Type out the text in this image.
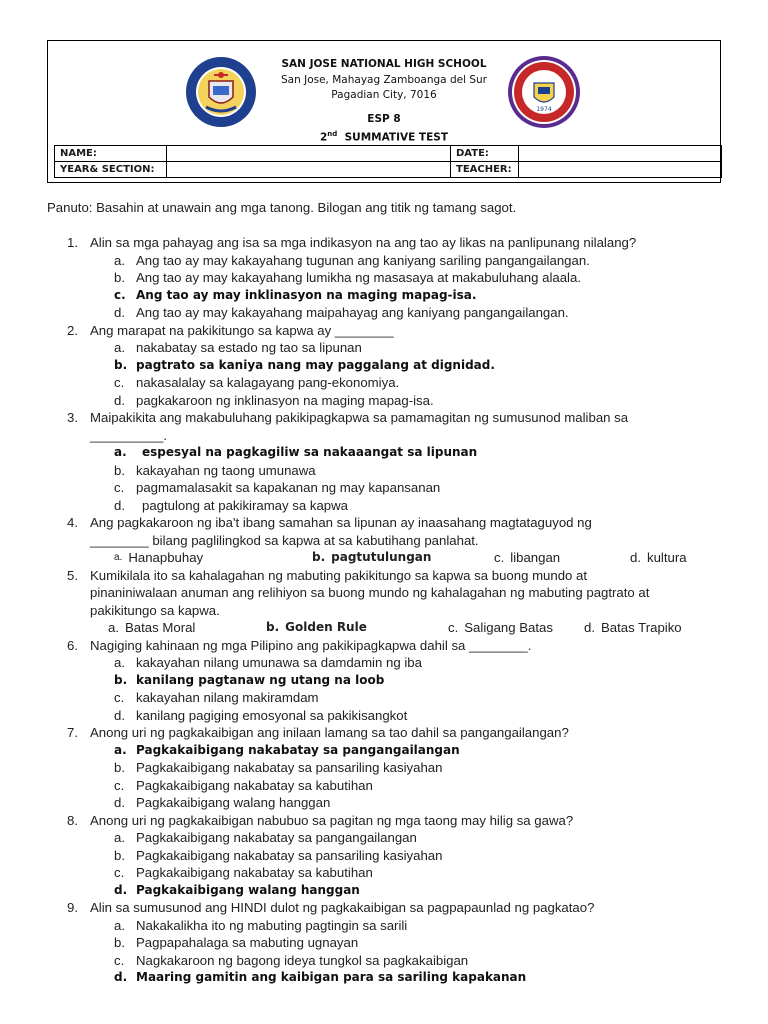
SAN JOSE NATIONAL HIGH SCHOOL
San Jose, Mahayag Zamboanga del Sur
Pagadian City, 7016
ESP 8
2nd SUMMATIVE TEST
1974
NAME:		DATE:	
YEAR& SECTION:		TEACHER:	
Panuto: Basahin at unawain ang mga tanong. Bilogan ang titik ng tamang sagot.
1. Alin sa mga pahayag ang isa sa mga indikasyon na ang tao ay likas na panlipunang nilalang?
a. Ang tao ay may kakayahang tugunan ang kaniyang sariling pangangailangan.
b. Ang tao ay may kakayahang lumikha ng masasaya at makabuluhang alaala.
c. Ang tao ay may inklinasyon na maging mapag-isa.
d. Ang tao ay may kakayahang maipahayag ang kaniyang pangangailangan.
2. Ang marapat na pakikitungo sa kapwa ay ________
a. nakabatay sa estado ng tao sa lipunan
b. pagtrato sa kaniya nang may paggalang at dignidad.
c. nakasalalay sa kalagayang pang-ekonomiya.
d. pagkakaroon ng inklinasyon na maging mapag-isa.
3. Maipakikita ang makabuluhang pakikipagkapwa sa pamamagitan ng sumusunod maliban sa
__________.
a. espesyal na pagkagiliw sa nakaaangat sa lipunan
b. kakayahan ng taong umunawa
c. pagmamalasakit sa kapakanan ng may kapansanan
d. pagtulong at pakikiramay sa kapwa
4. Ang pagkakaroon ng iba't ibang samahan sa lipunan ay inaasahang magtataguyod ng
________ bilang paglilingkod sa kapwa at sa kabutihang panlahat.
a. Hanapbuhay	b. pagtutulungan	c. libangan	d. kultura
5. Kumikilala ito sa kahalagahan ng mabuting pakikitungo sa kapwa sa buong mundo at
pinaniniwalaan anuman ang relihiyon sa buong mundo ng kahalagahan ng mabuting pagtrato at
pakikitungo sa kapwa.
a. Batas Moral	b. Golden Rule	c. Saligang Batas d. Batas Trapiko
6. Nagiging kahinaan ng mga Pilipino ang pakikipagkapwa dahil sa ________.
a. kakayahan nilang umunawa sa damdamin ng iba
b. kanilang pagtanaw ng utang na loob
c. kakayahan nilang makiramdam
d. kanilang pagiging emosyonal sa pakikisangkot
7. Anong uri ng pagkakaibigan ang inilaan lamang sa tao dahil sa pangangailangan?
a. Pagkakaibigang nakabatay sa pangangailangan
b. Pagkakaibigang nakabatay sa pansariling kasiyahan
c. Pagkakaibigang nakabatay sa kabutihan
d. Pagkakaibigang walang hanggan
8. Anong uri ng pagkakaibigan nabubuo sa pagitan ng mga taong may hilig sa gawa?
a. Pagkakaibigang nakabatay sa pangangailangan
b. Pagkakaibigang nakabatay sa pansariling kasiyahan
c. Pagkakaibigang nakabatay sa kabutihan
d. Pagkakaibigang walang hanggan
9. Alin sa sumusunod ang HINDI dulot ng pagkakaibigan sa pagpapaunlad ng pagkatao?
a. Nakakalikha ito ng mabuting pagtingin sa sarili
b. Pagpapahalaga sa mabuting ugnayan
c. Nagkakaroon ng bagong ideya tungkol sa pagkakaibigan
d. Maaring gamitin ang kaibigan para sa sariling kapakanan
